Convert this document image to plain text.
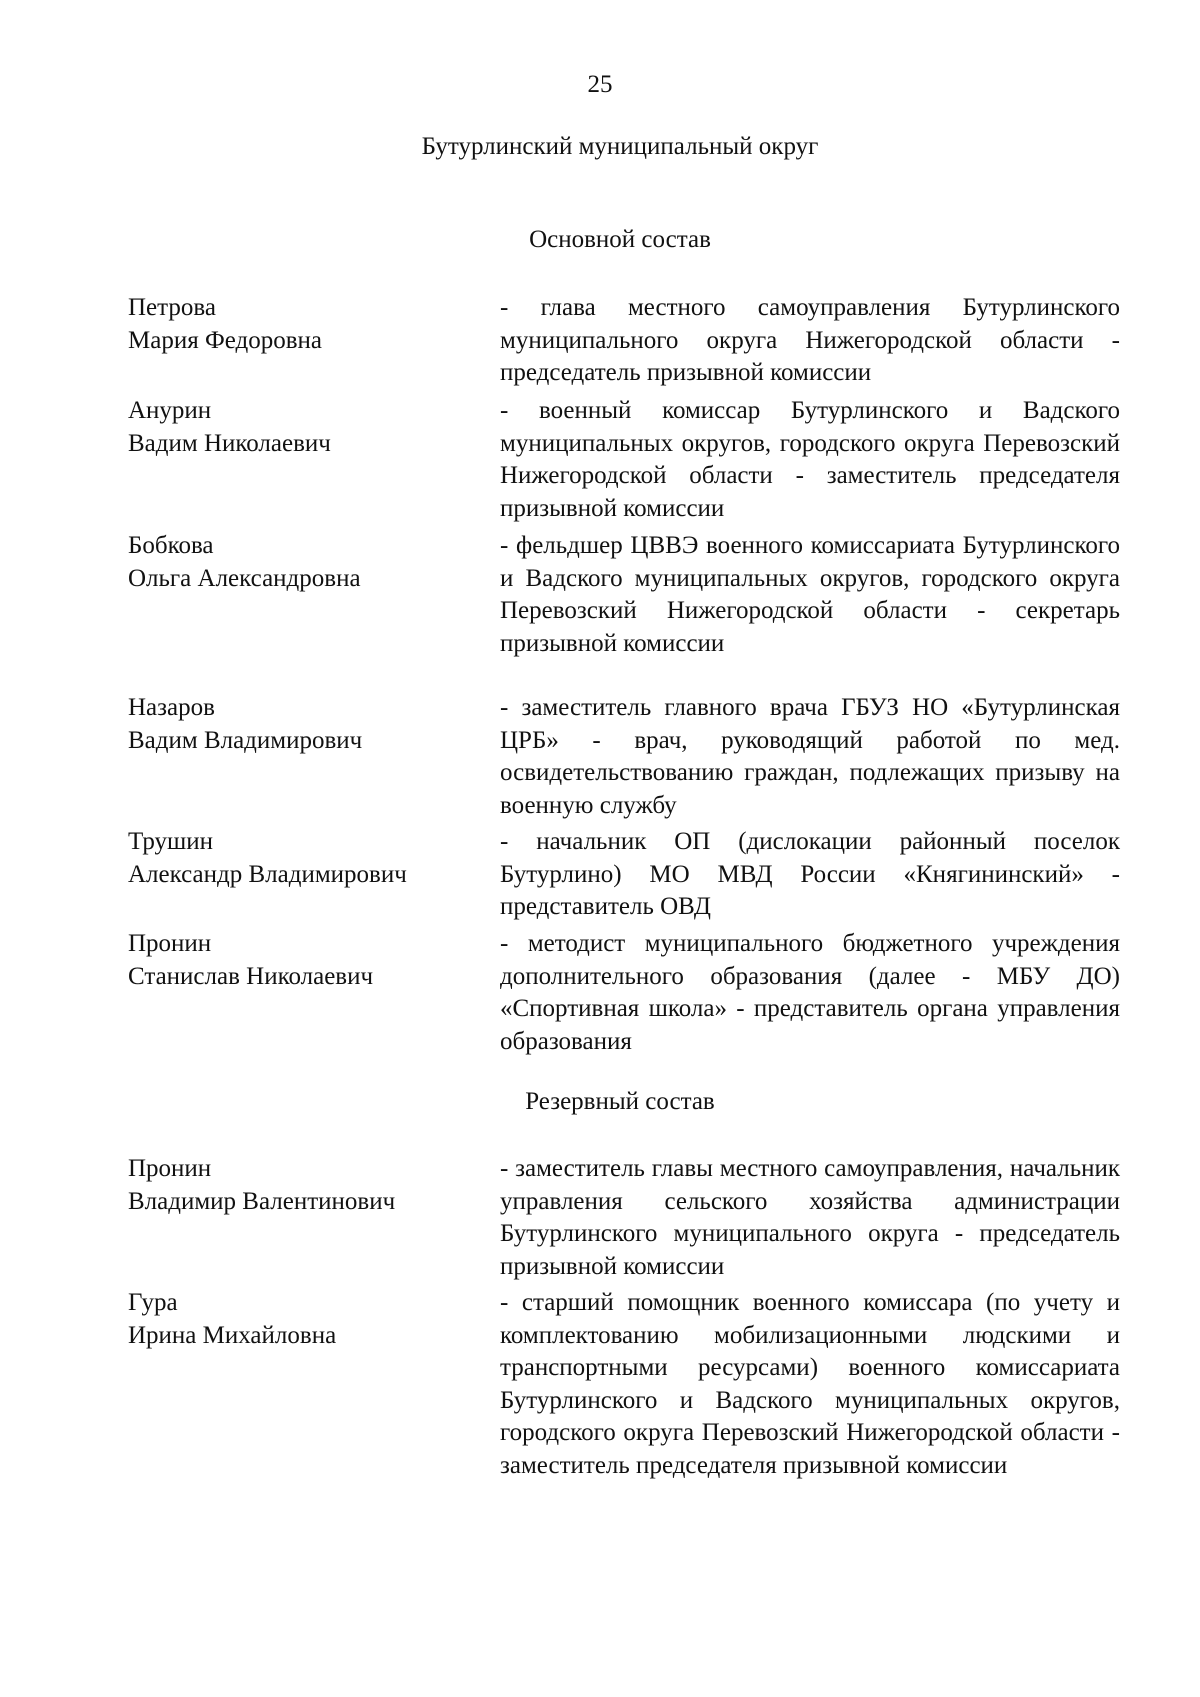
25
Бутурлинский муниципальный округ
Основной состав
Петрова
Мария Федоровна
- глава местного самоуправления Бутурлинского муниципального округа Нижегородской области - председатель призывной комиссии
Анурин
Вадим Николаевич
- военный комиссар Бутурлинского и Вадского муниципальных округов, городского округа Перевозский Нижегородской области - заместитель председателя призывной комиссии
Бобкова
Ольга Александровна
- фельдшер ЦВВЭ военного комиссариата Бутурлинского и Вадского муниципальных округов, городского округа Перевозский Нижегородской области - секретарь призывной комиссии
Назаров
Вадим Владимирович
- заместитель главного врача ГБУЗ НО «Бутурлинская ЦРБ» - врач, руководящий работой по мед. освидетельствованию граждан, подлежащих призыву на военную службу
Трушин
Александр Владимирович
- начальник ОП (дислокации районный поселок Бутурлино) МО МВД России «Княгининский» - представитель ОВД
Пронин
Станислав Николаевич
- методист муниципального бюджетного учреждения дополнительного образования (далее - МБУ ДО) «Спортивная школа» - представитель органа управления образования
Резервный состав
Пронин
Владимир Валентинович
- заместитель главы местного самоуправления, начальник управления сельского хозяйства администрации Бутурлинского муниципального округа - председатель призывной комиссии
Гура
Ирина Михайловна
- старший помощник военного комиссара (по учету и комплектованию мобилизационными людскими и транспортными ресурсами) военного комиссариата Бутурлинского и Вадского муниципальных округов, городского округа Перевозский Нижегородской области - заместитель председателя призывной комиссии
